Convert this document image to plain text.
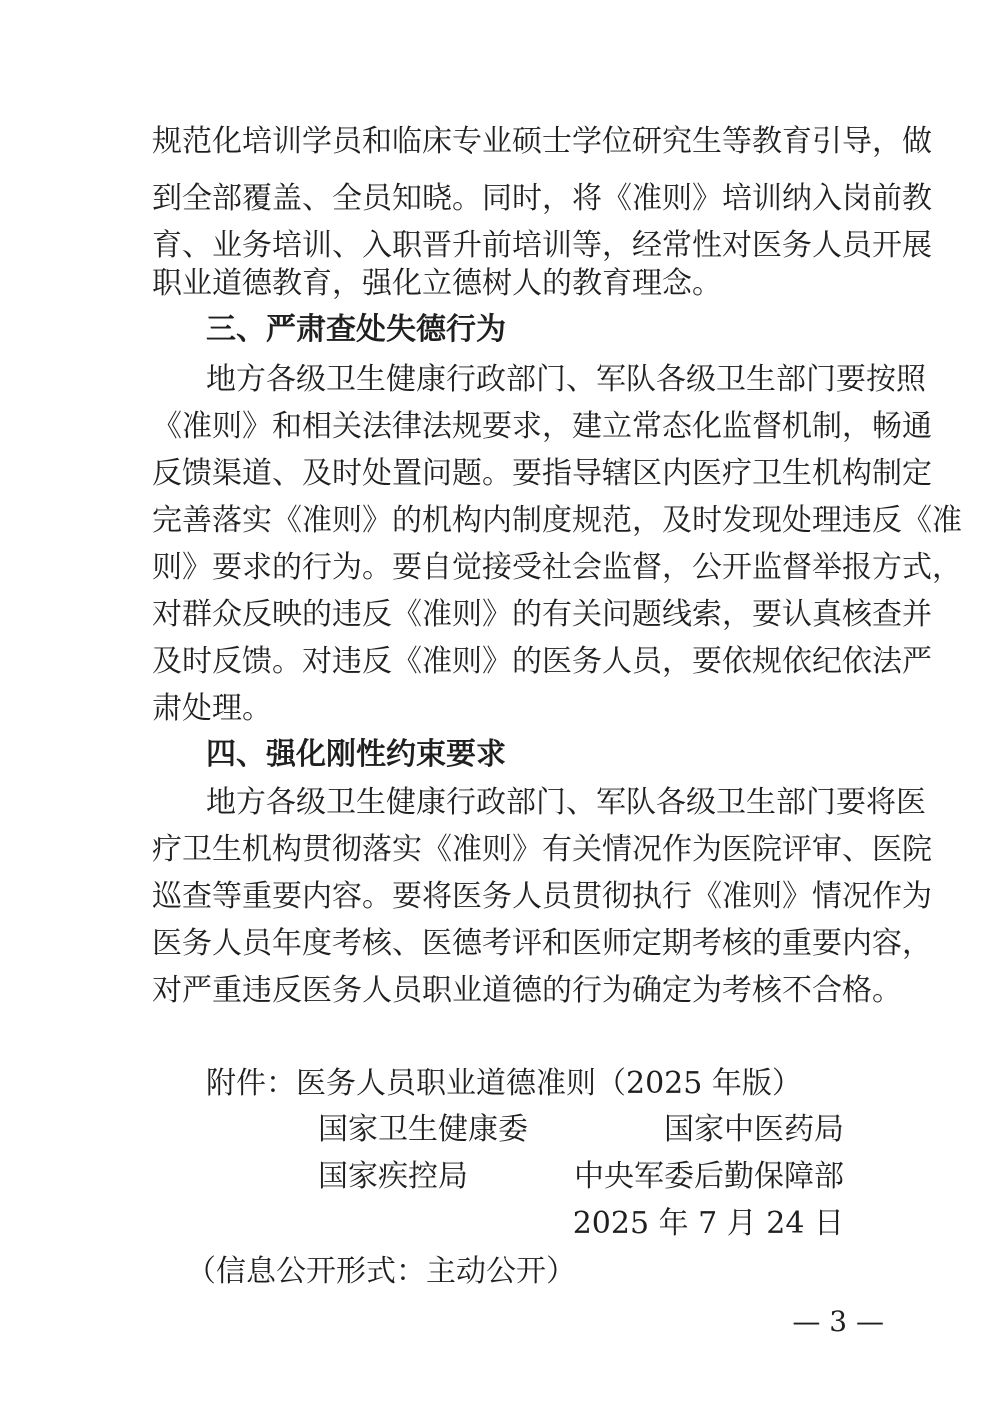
规范化培训学员和临床专业硕士学位研究生等教育引导，做
到全部覆盖、全员知晓。同时，将《准则》培训纳入岗前教
育、业务培训、入职晋升前培训等，经常性对医务人员开展
职业道德教育，强化立德树人的教育理念。
三、严肃查处失德行为
地方各级卫生健康行政部门、军队各级卫生部门要按照
《准则》和相关法律法规要求，建立常态化监督机制，畅通
反馈渠道、及时处置问题。要指导辖区内医疗卫生机构制定
完善落实《准则》的机构内制度规范，及时发现处理违反《准
则》要求的行为。要自觉接受社会监督，公开监督举报方式，
对群众反映的违反《准则》的有关问题线索，要认真核查并
及时反馈。对违反《准则》的医务人员，要依规依纪依法严
肃处理。
四、强化刚性约束要求
地方各级卫生健康行政部门、军队各级卫生部门要将医
疗卫生机构贯彻落实《准则》有关情况作为医院评审、医院
巡查等重要内容。要将医务人员贯彻执行《准则》情况作为
医务人员年度考核、医德考评和医师定期考核的重要内容，
对严重违反医务人员职业道德的行为确定为考核不合格。
附件：医务人员职业道德准则（2025 年版）
国家卫生健康委	国家中医药局
国家疾控局	中央军委后勤保障部
2025 年 7 月 24 日
（信息公开形式：主动公开）
— 3 —
